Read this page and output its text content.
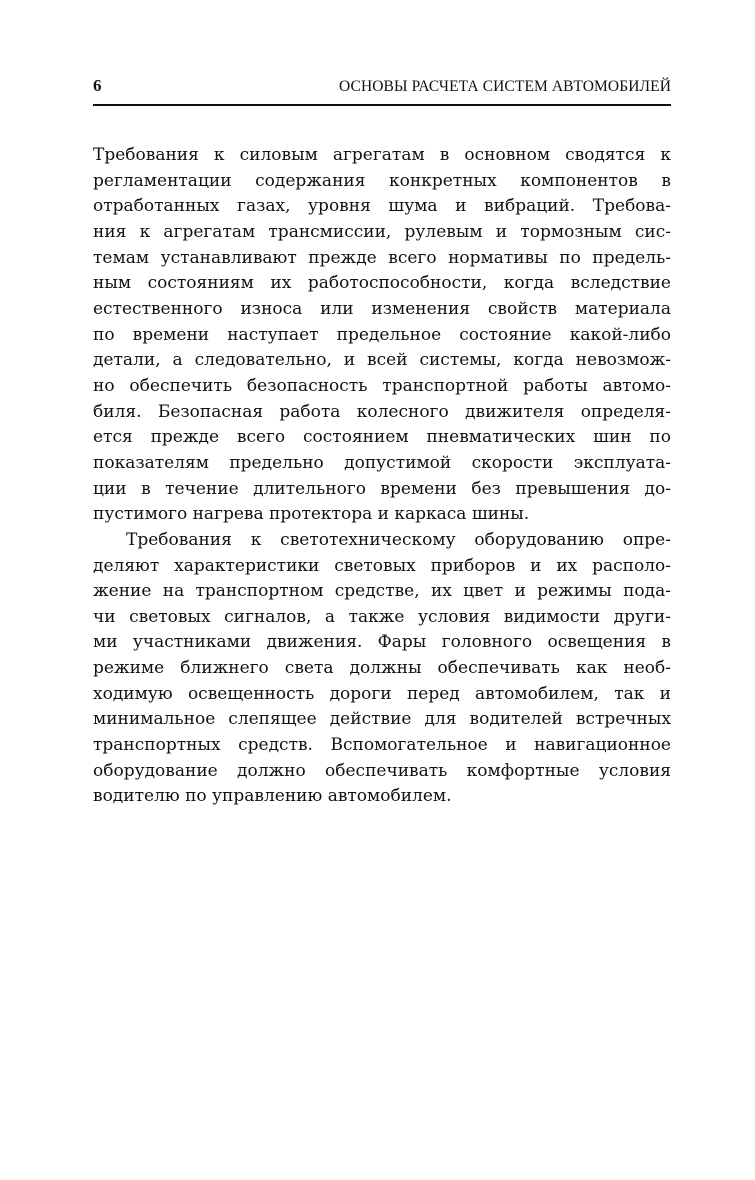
6	ОСНОВЫ РАСЧЕТА СИСТЕМ АВТОМОБИЛЕЙ
Требования к силовым агрегатам в основном сводятся к
регламентации содержания конкретных компонентов в
отработанных газах, уровня шума и вибраций. Требова-
ния к агрегатам трансмиссии, рулевым и тормозным сис-
темам устанавливают прежде всего нормативы по предель-
ным состояниям их работоспособности, когда вследствие
естественного износа или изменения свойств материала
по времени наступает предельное состояние какой-либо
детали, а следовательно, и всей системы, когда невозмож-
но обеспечить безопасность транспортной работы автомо-
биля. Безопасная работа колесного движителя определя-
ется прежде всего состоянием пневматических шин по
показателям предельно допустимой скорости эксплуата-
ции в течение длительного времени без превышения до-
пустимого нагрева протектора и каркаса шины.
Требования к светотехническому оборудованию опре-
деляют характеристики световых приборов и их располо-
жение на транспортном средстве, их цвет и режимы пода-
чи световых сигналов, а также условия видимости други-
ми участниками движения. Фары головного освещения в
режиме ближнего света должны обеспечивать как необ-
ходимую освещенность дороги перед автомобилем, так и
минимальное слепящее действие для водителей встречных
транспортных средств. Вспомогательное и навигационное
оборудование должно обеспечивать комфортные условия
водителю по управлению автомобилем.
